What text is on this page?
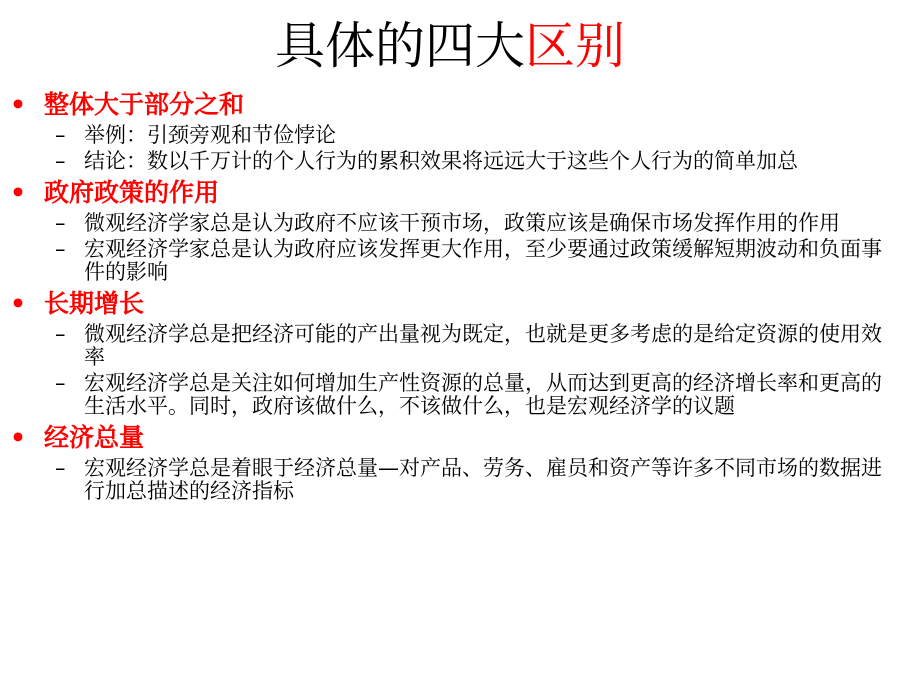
具体的四大区别
• 整体大于部分之和
– 举例：引颈旁观和节俭悖论
– 结论：数以千万计的个人行为的累积效果将远远大于这些个人行为的简单加总
• 政府政策的作用
– 微观经济学家总是认为政府不应该干预市场，政策应该是确保市场发挥作用的作用
– 宏观经济学家总是认为政府应该发挥更大作用，至少要通过政策缓解短期波动和负面事件的影响
• 长期增长
– 微观经济学总是把经济可能的产出量视为既定，也就是更多考虑的是给定资源的使用效率
– 宏观经济学总是关注如何增加生产性资源的总量，从而达到更高的经济增长率和更高的生活水平。同时，政府该做什么，不该做什么，也是宏观经济学的议题
• 经济总量
– 宏观经济学总是着眼于经济总量—对产品、劳务、雇员和资产等许多不同市场的数据进行加总描述的经济指标
